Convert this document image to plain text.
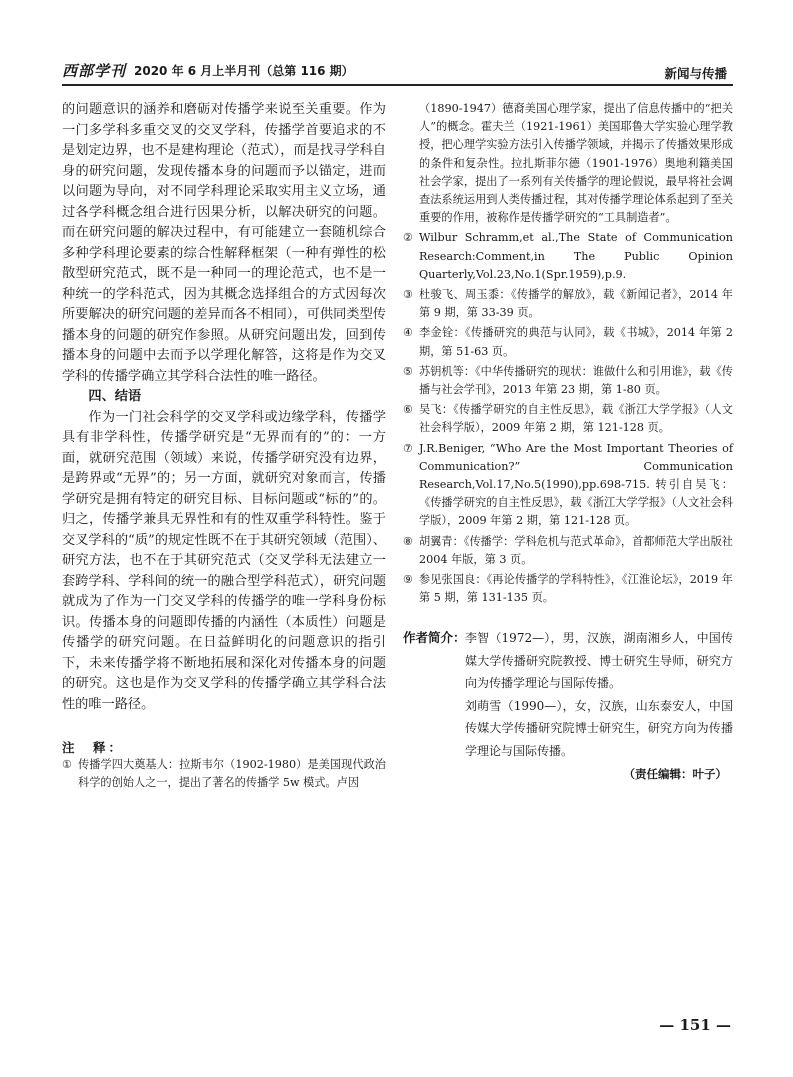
西部学刊 2020 年 6 月上半月刊（总第 116 期）	新闻与传播

的问题意识的涵养和磨砺对传播学来说至关重要。作为一门多学科多重交叉的交叉学科，传播学首要追求的不是划定边界，也不是建构理论（范式），而是找寻学科自身的研究问题，发现传播本身的问题而予以锚定，进而以问题为导向，对不同学科理论采取实用主义立场，通过各学科概念组合进行因果分析，以解决研究的问题。而在研究问题的解决过程中，有可能建立一套随机综合多种学科理论要素的综合性解释框架（一种有弹性的松散型研究范式，既不是一种同一的理论范式，也不是一种统一的学科范式，因为其概念选择组合的方式因每次所要解决的研究问题的差异而各不相同），可供同类型传播本身的问题的研究作参照。从研究问题出发，回到传播本身的问题中去而予以学理化解答，这将是作为交叉学科的传播学确立其学科合法性的唯一路径。

四、结语

作为一门社会科学的交叉学科或边缘学科，传播学具有非学科性，传播学研究是“无界而有的”的：一方面，就研究范围（领域）来说，传播学研究没有边界，是跨界或“无界”的；另一方面，就研究对象而言，传播学研究是拥有特定的研究目标、目标问题或“标的”的。归之，传播学兼具无界性和有的性双重学科特性。鉴于交叉学科的“质”的规定性既不在于其研究领域（范围）、研究方法，也不在于其研究范式（交叉学科无法建立一套跨学科、学科间的统一的融合型学科范式），研究问题就成为了作为一门交叉学科的传播学的唯一学科身份标识。传播本身的问题即传播的内涵性（本质性）问题是传播学的研究问题。在日益鲜明化的问题意识的指引下，未来传播学将不断地拓展和深化对传播本身的问题的研究。这也是作为交叉学科的传播学确立其学科合法性的唯一路径。

注　释：

① 传播学四大奠基人：拉斯韦尔（1902-1980）是美国现代政治科学的创始人之一，提出了著名的传播学 5w 模式。卢因

（1890-1947）德裔美国心理学家，提出了信息传播中的“把关人”的概念。霍夫兰（1921-1961）美国耶鲁大学实验心理学教授，把心理学实验方法引入传播学领域，并揭示了传播效果形成的条件和复杂性。拉扎斯菲尔德（1901-1976）奥地利籍美国社会学家，提出了一系列有关传播学的理论假说，最早将社会调查法系统运用到人类传播过程，其对传播学理论体系起到了至关重要的作用，被称作是传播学研究的“工具制造者”。

② Wilbur Schramm,et al.,The State of Communication Research:Comment,in The Public Opinion Quarterly,Vol.23,No.1(Spr.1959),p.9.

③ 杜骏飞、周玉黍：《传播学的解放》，载《新闻记者》，2014 年第 9 期，第 33-39 页。

④ 李金铨：《传播研究的典范与认同》，载《书城》，2014 年第 2 期，第 51-63 页。

⑤ 苏钥机等：《中华传播研究的现状：谁做什么和引用谁》，载《传播与社会学刊》，2013 年第 23 期，第 1-80 页。

⑥ 吴飞：《传播学研究的自主性反思》，载《浙江大学学报》（人文社会科学版），2009 年第 2 期，第 121-128 页。

⑦ J.R.Beniger, “Who Are the Most Important Theories of Communication?” Communication Research,Vol.17,No.5(1990),pp.698-715. 转引自吴飞：《传播学研究的自主性反思》，载《浙江大学学报》（人文社会科学版），2009 年第 2 期，第 121-128 页。

⑧ 胡翼青：《传播学：学科危机与范式革命》，首都师范大学出版社 2004 年版，第 3 页。

⑨ 参见张国良：《再论传播学的学科特性》，《江淮论坛》，2019 年第 5 期，第 131-135 页。

作者简介： 李智（1972—），男，汉族，湖南湘乡人，中国传媒大学传播研究院教授、博士研究生导师，研究方向为传播学理论与国际传播。

刘萌雪（1990—），女，汉族，山东泰安人，中国传媒大学传播研究院博士研究生，研究方向为传播学理论与国际传播。

（责任编辑：叶子）

— 151 —
